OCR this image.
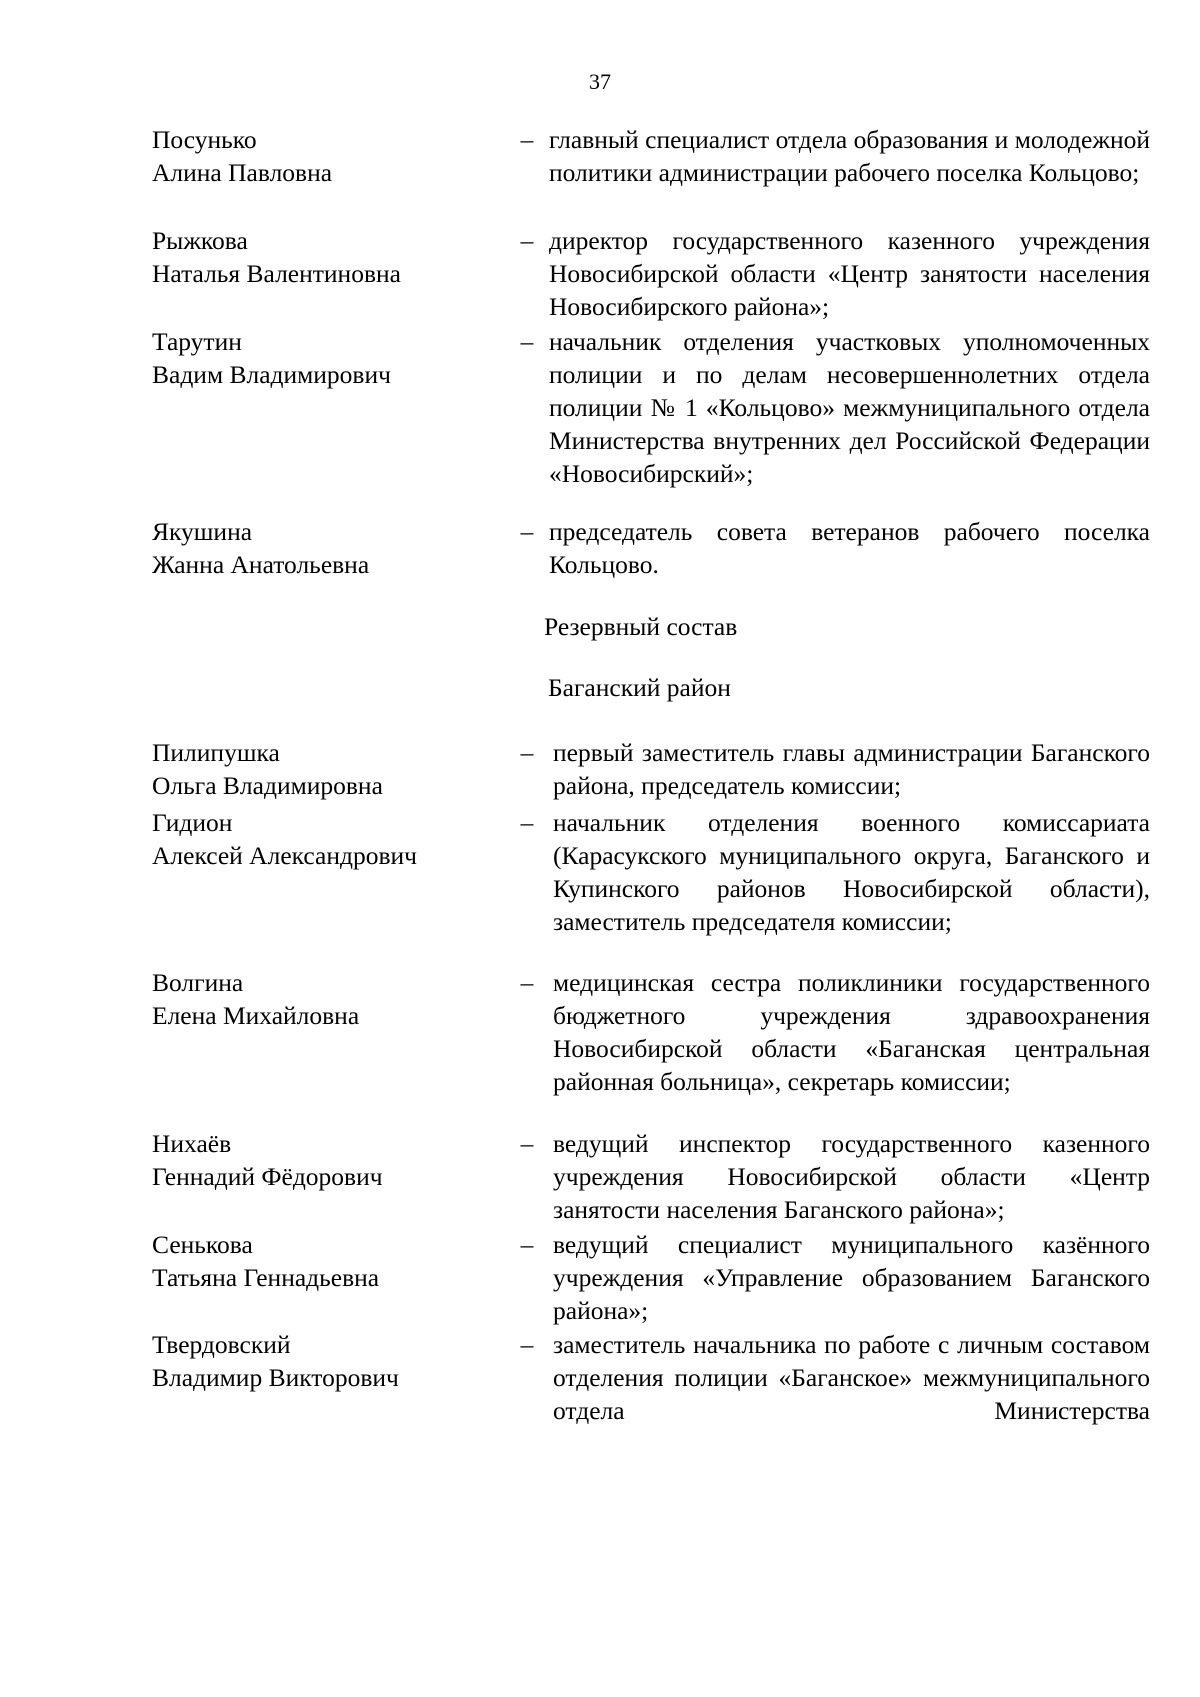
37
Посунько
Алина Павловна
– главный специалист отдела образования и молодежной политики администрации рабочего поселка Кольцово;
Рыжкова
Наталья Валентиновна
– директор государственного казенного учреждения Новосибирской области «Центр занятости населения Новосибирского района»;
Тарутин
Вадим Владимирович
– начальник отделения участковых уполномоченных полиции и по делам несовершеннолетних отдела полиции № 1 «Кольцово» межмуниципального отдела Министерства внутренних дел Российской Федерации «Новосибирский»;
Якушина
Жанна Анатольевна
– председатель совета ветеранов рабочего поселка Кольцово.
Резервный состав
Баганский район
Пилипушка
Ольга Владимировна
– первый заместитель главы администрации Баганского района, председатель комиссии;
Гидион
Алексей Александрович
– начальник отделения военного комиссариата (Карасукского муниципального округа, Баганского и Купинского районов Новосибирской области), заместитель председателя комиссии;
Волгина
Елена Михайловна
– медицинская сестра поликлиники государственного бюджетного учреждения здравоохранения Новосибирской области «Баганская центральная районная больница», секретарь комиссии;
Нихаёв
Геннадий Фёдорович
– ведущий инспектор государственного казенного учреждения Новосибирской области «Центр занятости населения Баганского района»;
Сенькова
Татьяна Геннадьевна
– ведущий специалист муниципального казённого учреждения «Управление образованием Баганского района»;
Твердовский
Владимир Викторович
– заместитель начальника по работе с личным составом отделения полиции «Баганское» межмуниципального отдела Министерства
